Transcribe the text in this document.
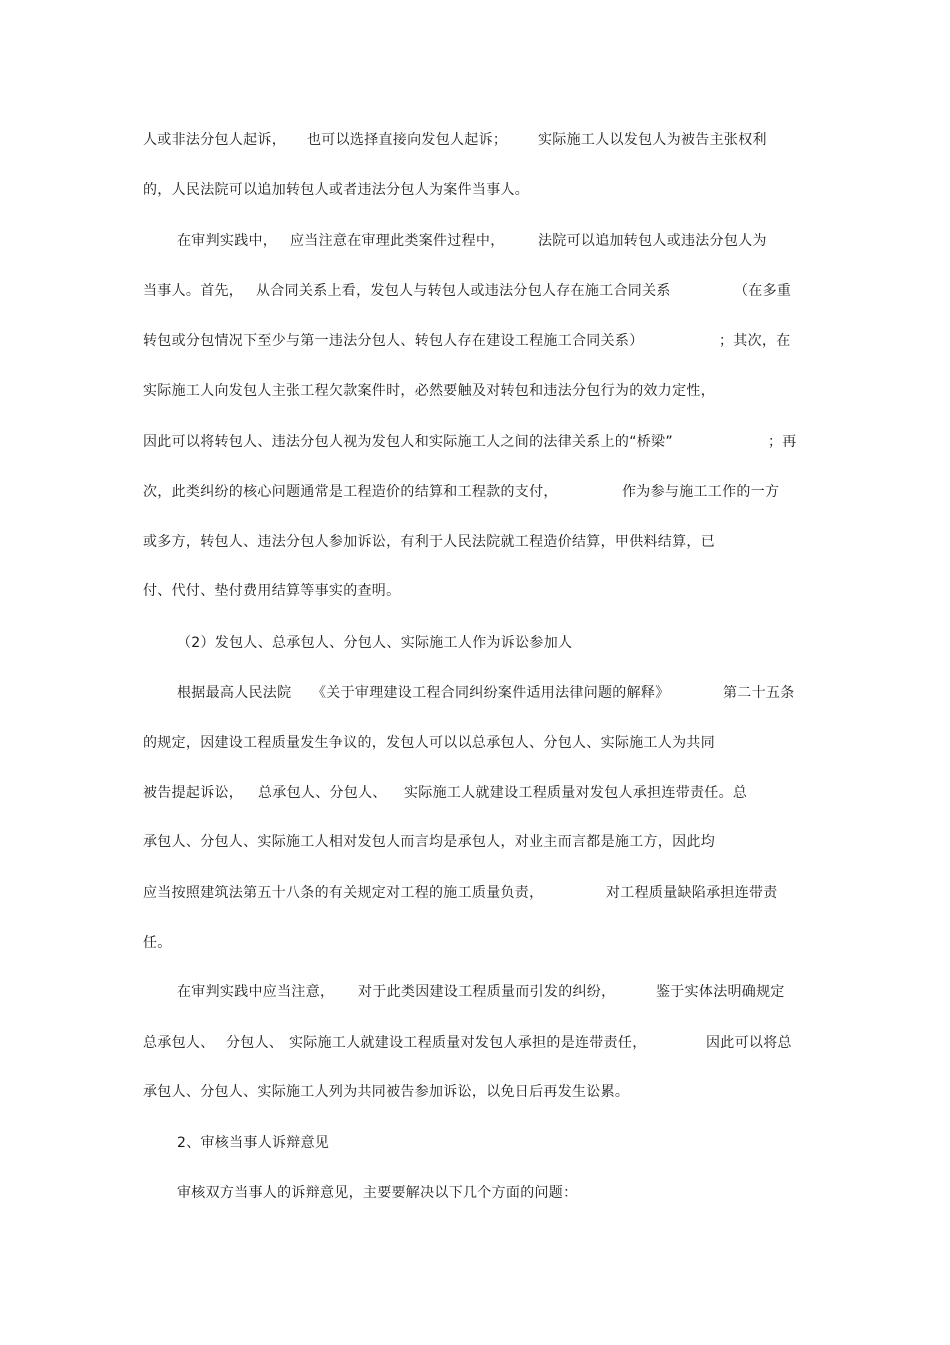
人或非法分包人起诉，

也可以选择直接向发包人起诉；

实际施工人以发包人为被告主张权利

的，人民法院可以追加转包人或者违法分包人为案件当事人。

在审判实践中，

应当注意在审理此类案件过程中，

法院可以追加转包人或违法分包人为

当事人。首先，

从合同关系上看，发包人与转包人或违法分包人存在施工合同关系

	（在多重

转包或分包情况下至少与第一违法分包人、转包人存在建设工程施工合同关系）

	；其次，在

实际施工人向发包人主张工程欠款案件时，必然要触及对转包和违法分包行为的效力定性，

因此可以将转包人、违法分包人视为发包人和实际施工人之间的法律关系上的“桥梁”

	；再

次，此类纠纷的核心问题通常是工程造价的结算和工程款的支付，

	作为参与施工工作的一方

或多方，转包人、违法分包人参加诉讼，有利于人民法院就工程造价结算，甲供料结算，已

付、代付、垫付费用结算等事实的查明。

（2）发包人、总承包人、分包人、实际施工人作为诉讼参加人

根据最高人民法院

《关于审理建设工程合同纠纷案件适用法律问题的解释》

	第二十五条

的规定，因建设工程质量发生争议的，发包人可以以总承包人、分包人、实际施工人为共同

被告提起诉讼，

总承包人、分包人、

实际施工人就建设工程质量对发包人承担连带责任。总

承包人、分包人、实际施工人相对发包人而言均是承包人，对业主而言都是施工方，因此均

应当按照建筑法第五十八条的有关规定对工程的施工质量负责，

	对工程质量缺陷承担连带责

任。

在审判实践中应当注意，

对于此类因建设工程质量而引发的纠纷，

	鉴于实体法明确规定

总承包人、

分包人、

实际施工人就建设工程质量对发包人承担的是连带责任，

	因此可以将总

承包人、分包人、实际施工人列为共同被告参加诉讼，以免日后再发生讼累。

2、审核当事人诉辩意见

审核双方当事人的诉辩意见，主要要解决以下几个方面的问题：
